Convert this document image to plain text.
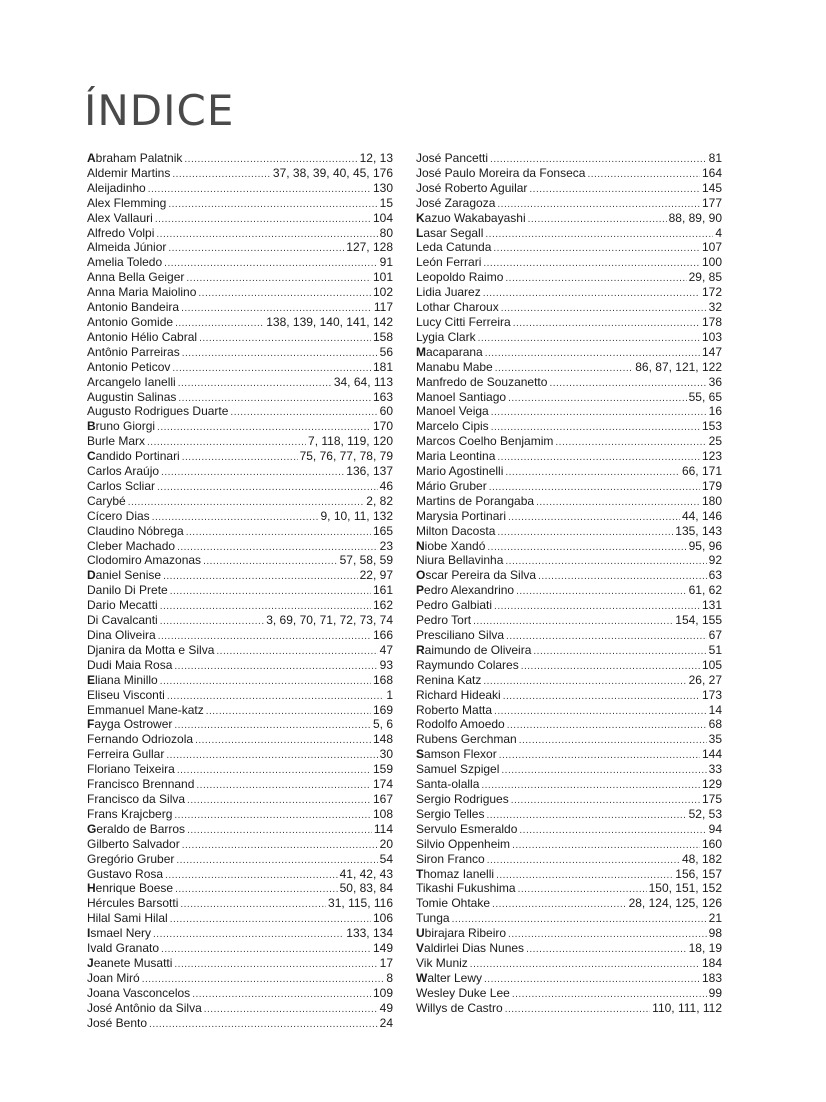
ÍNDICE
Abraham Palatnik .....	12, 13
Aldemir Martins .....	37, 38, 39, 40, 45, 176
Aleijadinho .....	130
Alex Flemming .....	15
Alex Vallauri .....	104
Alfredo Volpi .....	80
Almeida Júnior .....	127, 128
Amelia Toledo .....	91
Anna Bella Geiger .....	101
Anna Maria Maiolino .....	102
Antonio Bandeira .....	117
Antonio Gomide .....	138, 139, 140, 141, 142
Antonio Hélio Cabral .....	158
Antônio Parreiras .....	56
Antonio Peticov .....	181
Arcangelo Ianelli .....	34, 64, 113
Augustin Salinas .....	163
Augusto Rodrigues Duarte .....	60
Bruno Giorgi .....	170
Burle Marx .....	7, 118, 119, 120
Candido Portinari .....	75, 76, 77, 78, 79
Carlos Araújo .....	136, 137
Carlos Scliar .....	46
Carybé .....	2, 82
Cícero Dias .....	9, 10, 11, 132
Claudino Nóbrega .....	165
Cleber Machado .....	23
Clodomiro Amazonas .....	57, 58, 59
Daniel Senise .....	22, 97
Danilo Di Prete .....	161
Dario Mecatti .....	162
Di Cavalcanti .....	3, 69, 70, 71, 72, 73, 74
Dina Oliveira .....	166
Djanira da Motta e Silva .....	47
Dudi Maia Rosa .....	93
Eliana Minillo .....	168
Eliseu Visconti .....	1
Emmanuel Mane-katz .....	169
Fayga Ostrower .....	5, 6
Fernando Odriozola .....	148
Ferreira Gullar .....	30
Floriano Teixeira .....	159
Francisco Brennand .....	174
Francisco da Silva .....	167
Frans Krajcberg .....	108
Geraldo de Barros .....	114
Gilberto Salvador .....	20
Gregório Gruber .....	54
Gustavo Rosa .....	41, 42, 43
Henrique Boese .....	50, 83, 84
Hércules Barsotti .....	31, 115, 116
Hilal Sami Hilal .....	106
Ismael Nery .....	133, 134
Ivald Granato .....	149
Jeanete Musatti .....	17
Joan Miró .....	8
Joana Vasconcelos .....	109
José Antônio da Silva .....	49
José Bento .....	24
José Pancetti .....	81
José Paulo Moreira da Fonseca .....	164
José Roberto Aguilar .....	145
José Zaragoza .....	177
Kazuo Wakabayashi .....	88, 89, 90
Lasar Segall .....	4
Leda Catunda .....	107
León Ferrari .....	100
Leopoldo Raimo .....	29, 85
Lidia Juarez .....	172
Lothar Charoux .....	32
Lucy Citti Ferreira .....	178
Lygia Clark .....	103
Macaparana .....	147
Manabu Mabe .....	86, 87, 121, 122
Manfredo de Souzanetto .....	36
Manoel Santiago .....	55, 65
Manoel Veiga .....	16
Marcelo Cipis .....	153
Marcos Coelho Benjamim .....	25
Maria Leontina .....	123
Mario Agostinelli .....	66, 171
Mário Gruber .....	179
Martins de Porangaba .....	180
Marysia Portinari .....	44, 146
Milton Dacosta .....	135, 143
Niobe Xandó .....	95, 96
Niura Bellavinha .....	92
Oscar Pereira da Silva .....	63
Pedro Alexandrino .....	61, 62
Pedro Galbiati .....	131
Pedro Tort .....	154, 155
Presciliano Silva .....	67
Raimundo de Oliveira .....	51
Raymundo Colares .....	105
Renina Katz .....	26, 27
Richard Hideaki .....	173
Roberto Matta .....	14
Rodolfo Amoedo .....	68
Rubens Gerchman .....	35
Samson Flexor .....	144
Samuel Szpigel .....	33
Santa-olalla .....	129
Sergio Rodrigues .....	175
Sergio Telles .....	52, 53
Servulo Esmeraldo .....	94
Silvio Oppenheim .....	160
Siron Franco .....	48, 182
Thomaz Ianelli .....	156, 157
Tikashi Fukushima .....	150, 151, 152
Tomie Ohtake .....	28, 124, 125, 126
Tunga .....	21
Ubirajara Ribeiro .....	98
Valdirlei Dias Nunes .....	18, 19
Vik Muniz .....	184
Walter Lewy .....	183
Wesley Duke Lee .....	99
Willys de Castro .....	110, 111, 112
